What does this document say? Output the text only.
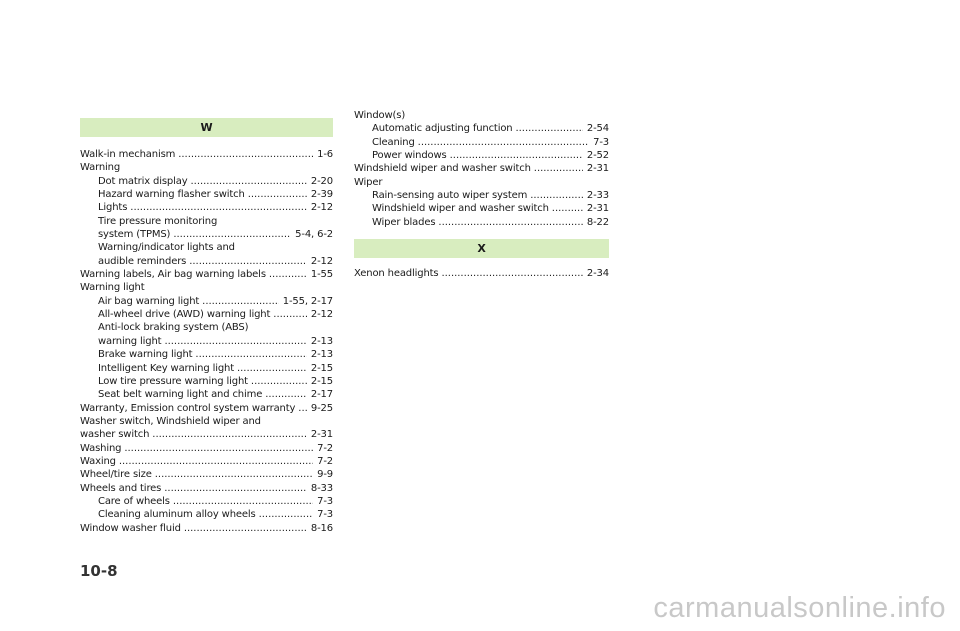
W
Walk-in mechanism . . .	1-6
Warning
Dot matrix display . . .	2-20
Hazard warning flasher switch . . .	2-39
Lights . . .	2-12
Tire pressure monitoring
system (TPMS) . . .	5-4, 6-2
Warning/indicator lights and
audible reminders . . .	2-12
Warning labels, Air bag warning labels . . .	1-55
Warning light
Air bag warning light . . .	1-55, 2-17
All-wheel drive (AWD) warning light . . .	2-12
Anti-lock braking system (ABS)
warning light . . .	2-13
Brake warning light . . .	2-13
Intelligent Key warning light . . .	2-15
Low tire pressure warning light . . .	2-15
Seat belt warning light and chime . . .	2-17
Warranty, Emission control system warranty . . . 9-25
Washer switch, Windshield wiper and
washer switch . . .	2-31
Washing . . .	7-2
Waxing . . .	7-2
Wheel/tire size . . .	9-9
Wheels and tires . . .	8-33
Care of wheels . . .	7-3
Cleaning aluminum alloy wheels . . .	7-3
Window washer fluid . . .	8-16
Window(s)
Automatic adjusting function . . .	2-54
Cleaning . . .	7-3
Power windows . . .	2-52
Windshield wiper and washer switch . . .	2-31
Wiper
Rain-sensing auto wiper system . . .	2-33
Windshield wiper and washer switch . . .	2-31
Wiper blades . . .	8-22
X
Xenon headlights . . .	2-34
10-8
carmanualsonline.info
